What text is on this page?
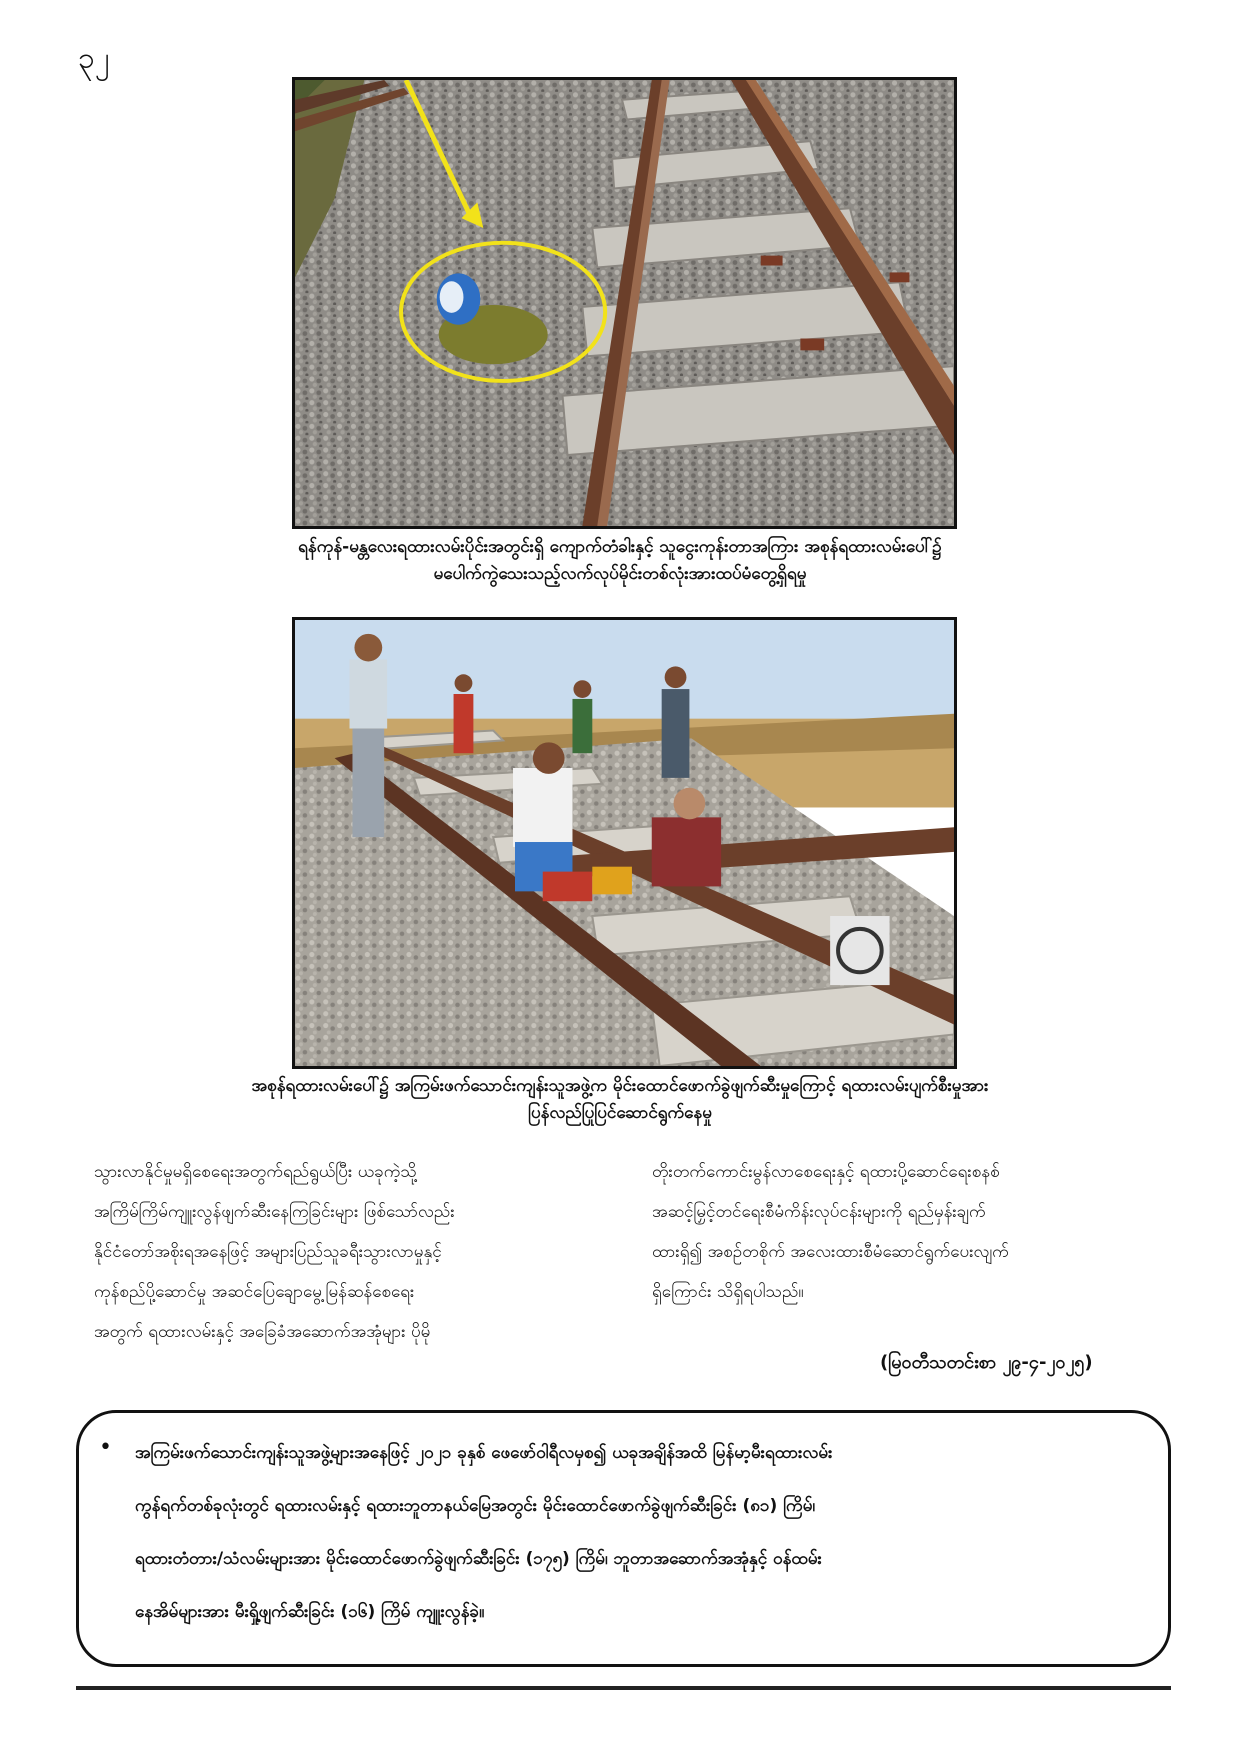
၃၂
ရန်ကုန်-မန္တလေးရထားလမ်းပိုင်းအတွင်းရှိ ကျောက်တံခါးနှင့် သူငွေးကုန်းတာအကြား အစုန်ရထားလမ်းပေါ်၌
မပေါက်ကွဲသေးသည့်လက်လုပ်မိုင်းတစ်လုံးအားထပ်မံတွေ့ရှိရမှု
အစုန်ရထားလမ်းပေါ်၌ အကြမ်းဖက်သောင်းကျန်းသူအဖွဲ့က မိုင်းထောင်ဖောက်ခွဲဖျက်ဆီးမှုကြောင့် ရထားလမ်းပျက်စီးမှုအား
ပြန်လည်ပြုပြင်ဆောင်ရွက်နေမှု
သွားလာနိုင်မှုမရှိစေရေးအတွက်ရည်ရွယ်ပြီး ယခုကဲ့သို့
အကြိမ်ကြိမ်ကျူးလွန်ဖျက်ဆီးနေကြခြင်းများ ဖြစ်သော်လည်း
နိုင်ငံတော်အစိုးရအနေဖြင့် အများပြည်သူခရီးသွားလာမှုနှင့်
ကုန်စည်ပို့ဆောင်မှု အဆင်ပြေချောမွေ့မြန်ဆန်စေရေး
အတွက် ရထားလမ်းနှင့် အခြေခံအဆောက်အအုံများ ပိုမို
တိုးတက်ကောင်းမွန်လာစေရေးနှင့် ရထားပို့ဆောင်ရေးစနစ်
အဆင့်မြှင့်တင်ရေးစီမံကိန်းလုပ်ငန်းများကို ရည်မှန်းချက်
ထားရှိ၍ အစဉ်တစိုက် အလေးထားစီမံဆောင်ရွက်ပေးလျက်
ရှိကြောင်း သိရှိရပါသည်။
(မြဝတီသတင်းစာ ၂၉-၄-၂၀၂၅)
• အကြမ်းဖက်သောင်းကျန်းသူအဖွဲ့များအနေဖြင့် ၂၀၂၁ ခုနှစ် ဖေဖော်ဝါရီလမှစ၍ ယခုအချိန်အထိ မြန်မာ့မီးရထားလမ်း
ကွန်ရက်တစ်ခုလုံးတွင် ရထားလမ်းနှင့် ရထားဘူတာနယ်မြေအတွင်း မိုင်းထောင်ဖောက်ခွဲဖျက်ဆီးခြင်း (၈၁) ကြိမ်၊
ရထားတံတား/သံလမ်းများအား မိုင်းထောင်ဖောက်ခွဲဖျက်ဆီးခြင်း (၁၇၅) ကြိမ်၊ ဘူတာအဆောက်အအုံနှင့် ဝန်ထမ်း
နေအိမ်များအား မီးရှို့ဖျက်ဆီးခြင်း (၁၆) ကြိမ် ကျူးလွန်ခဲ့။
